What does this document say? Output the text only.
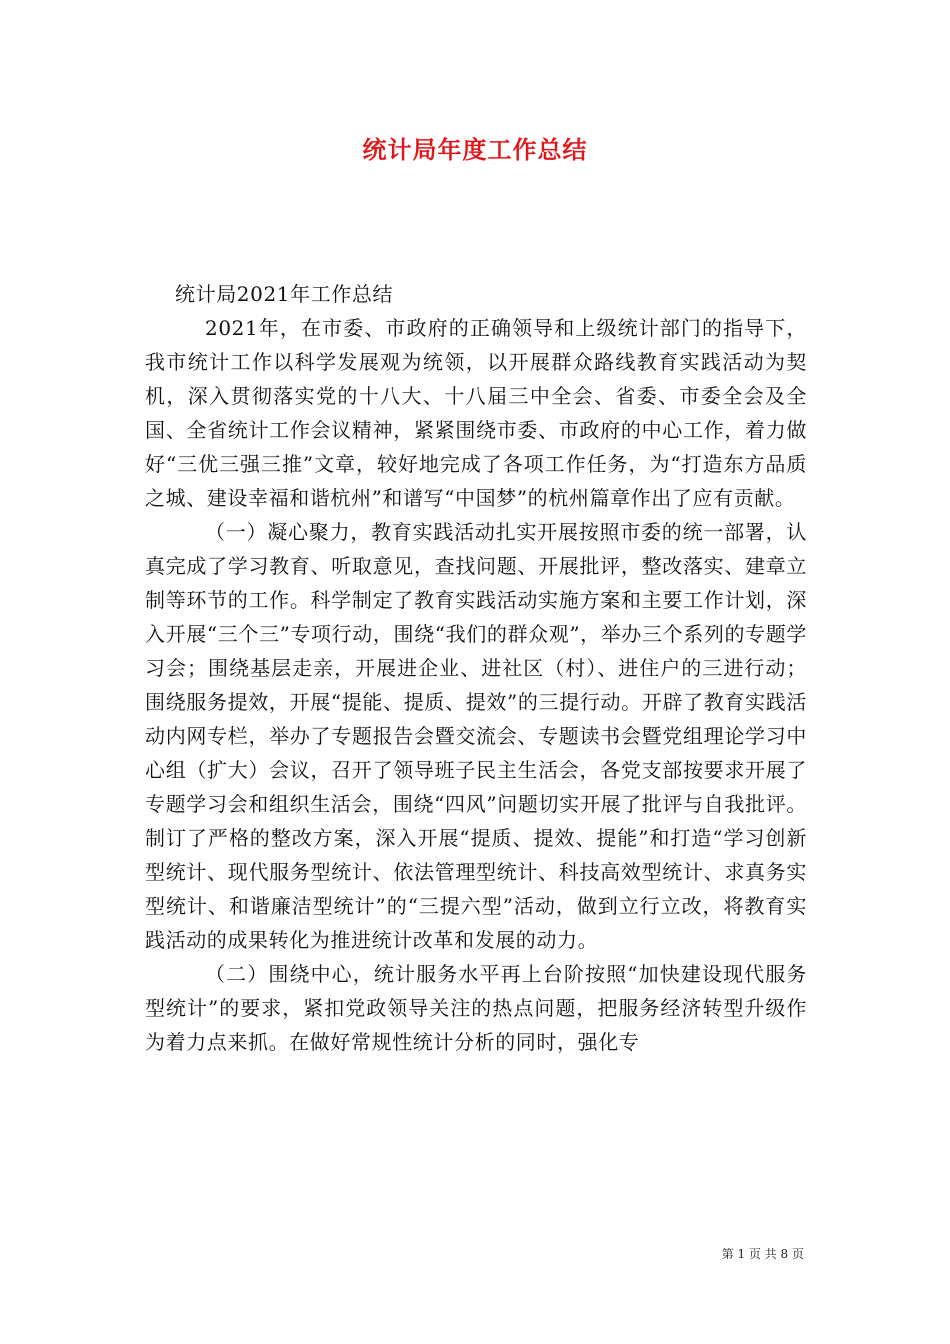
统计局年度工作总结

统计局2021年工作总结

2021年，在市委、市政府的正确领导和上级统计部门的指导下，我市统计工作以科学发展观为统领，以开展群众路线教育实践活动为契机，深入贯彻落实党的十八大、十八届三中全会、省委、市委全会及全国、全省统计工作会议精神，紧紧围绕市委、市政府的中心工作，着力做好“三优三强三推”文章，较好地完成了各项工作任务，为“打造东方品质之城、建设幸福和谐杭州”和谱写“中国梦”的杭州篇章作出了应有贡献。

（一）凝心聚力，教育实践活动扎实开展按照市委的统一部署，认真完成了学习教育、听取意见，查找问题、开展批评，整改落实、建章立制等环节的工作。科学制定了教育实践活动实施方案和主要工作计划，深入开展“三个三”专项行动，围绕“我们的群众观”，举办三个系列的专题学习会；围绕基层走亲，开展进企业、进社区（村）、进住户的三进行动；围绕服务提效，开展“提能、提质、提效”的三提行动。开辟了教育实践活动内网专栏，举办了专题报告会暨交流会、专题读书会暨党组理论学习中心组（扩大）会议，召开了领导班子民主生活会，各党支部按要求开展了专题学习会和组织生活会，围绕“四风”问题切实开展了批评与自我批评。制订了严格的整改方案，深入开展“提质、提效、提能”和打造“学习创新型统计、现代服务型统计、依法管理型统计、科技高效型统计、求真务实型统计、和谐廉洁型统计”的“三提六型”活动，做到立行立改，将教育实践活动的成果转化为推进统计改革和发展的动力。

（二）围绕中心，统计服务水平再上台阶按照“加快建设现代服务型统计”的要求，紧扣党政领导关注的热点问题，把服务经济转型升级作为着力点来抓。在做好常规性统计分析的同时，强化专

第 1 页 共 8 页
